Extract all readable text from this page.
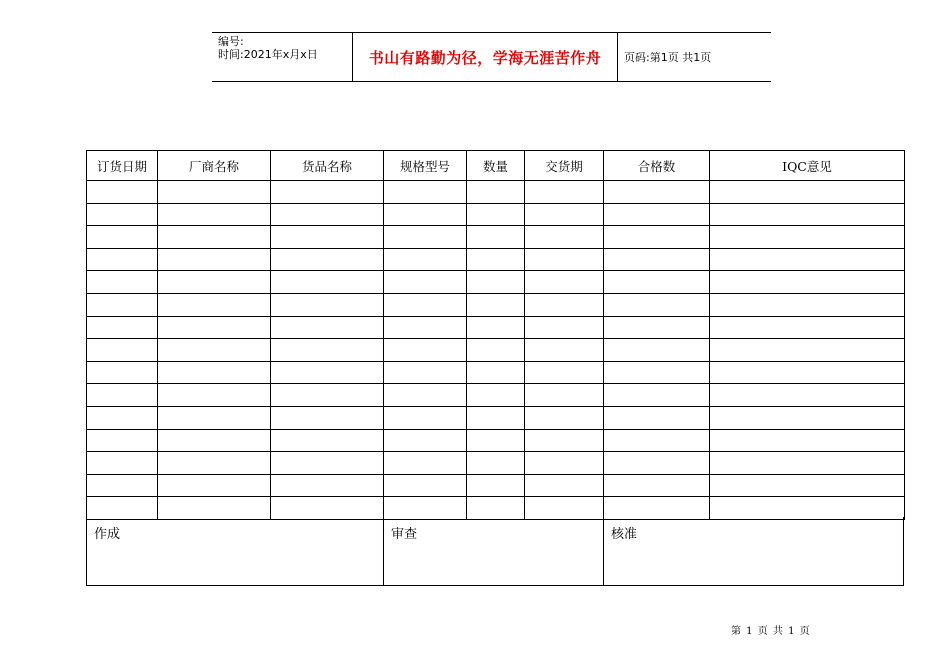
编号:
时间:2021年x月x日	书山有路勤为径，学海无涯苦作舟	页码:第1页 共1页
订货日期	厂商名称	货品名称	规格型号	数量	交货期	合格数	IQC意见

作成	审查	核准
第 1 页 共 1 页
